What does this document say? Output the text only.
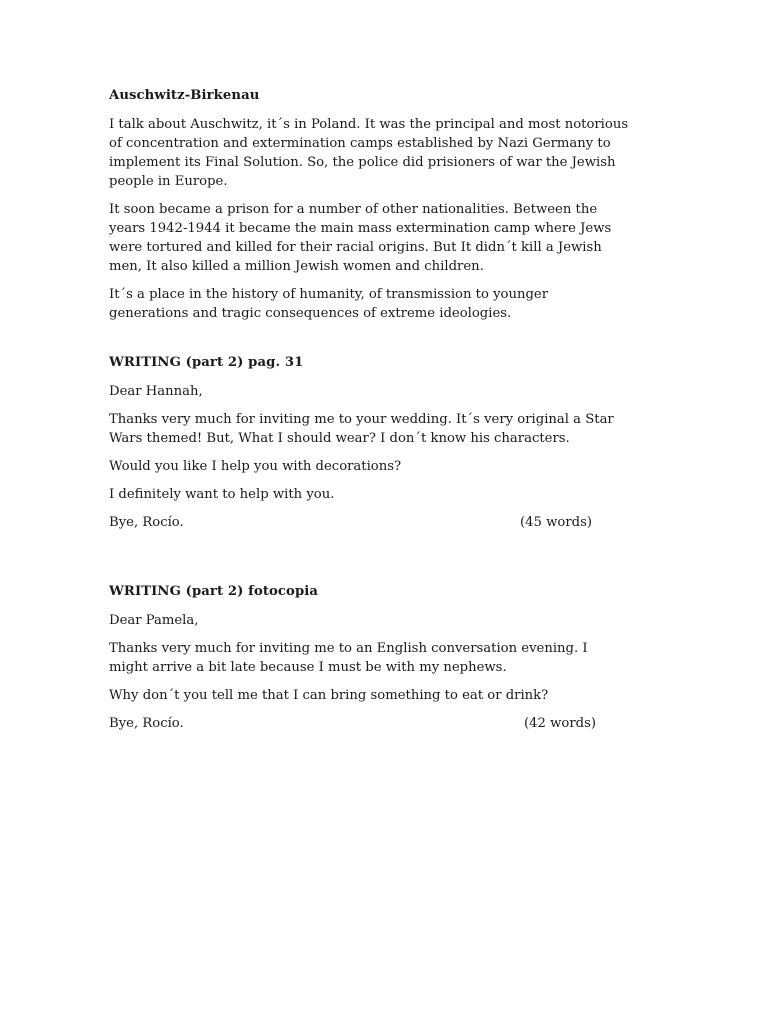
Auschwitz-Birkenau

I talk about Auschwitz, it´s in Poland. It was the principal and most notorious of concentration and extermination camps established by Nazi Germany to implement its Final Solution. So, the police did prisioners of war the Jewish people in Europe.

It soon became a prison for a number of other nationalities. Between the years 1942-1944 it became the main mass extermination camp where Jews were tortured and killed for their racial origins. But It didn´t kill a Jewish men, It also killed a million Jewish women and children.

It´s a place in the history of humanity, of transmission to younger generations and tragic consequences of extreme ideologies.

WRITING (part 2) pag. 31

Dear Hannah,

Thanks very much for inviting me to your wedding. It´s very original a Star Wars themed! But, What I should wear? I don´t know his characters.

Would you like I help you with decorations?

I definitely want to help with you.

Bye, Rocío.	(45 words)
WRITING (part 2) fotocopia

Dear Pamela,

Thanks very much for inviting me to an English conversation evening. I might arrive a bit late because I must be with my nephews.

Why don´t you tell me that I can bring something to eat or drink?

Bye, Rocío.	(42 words)
